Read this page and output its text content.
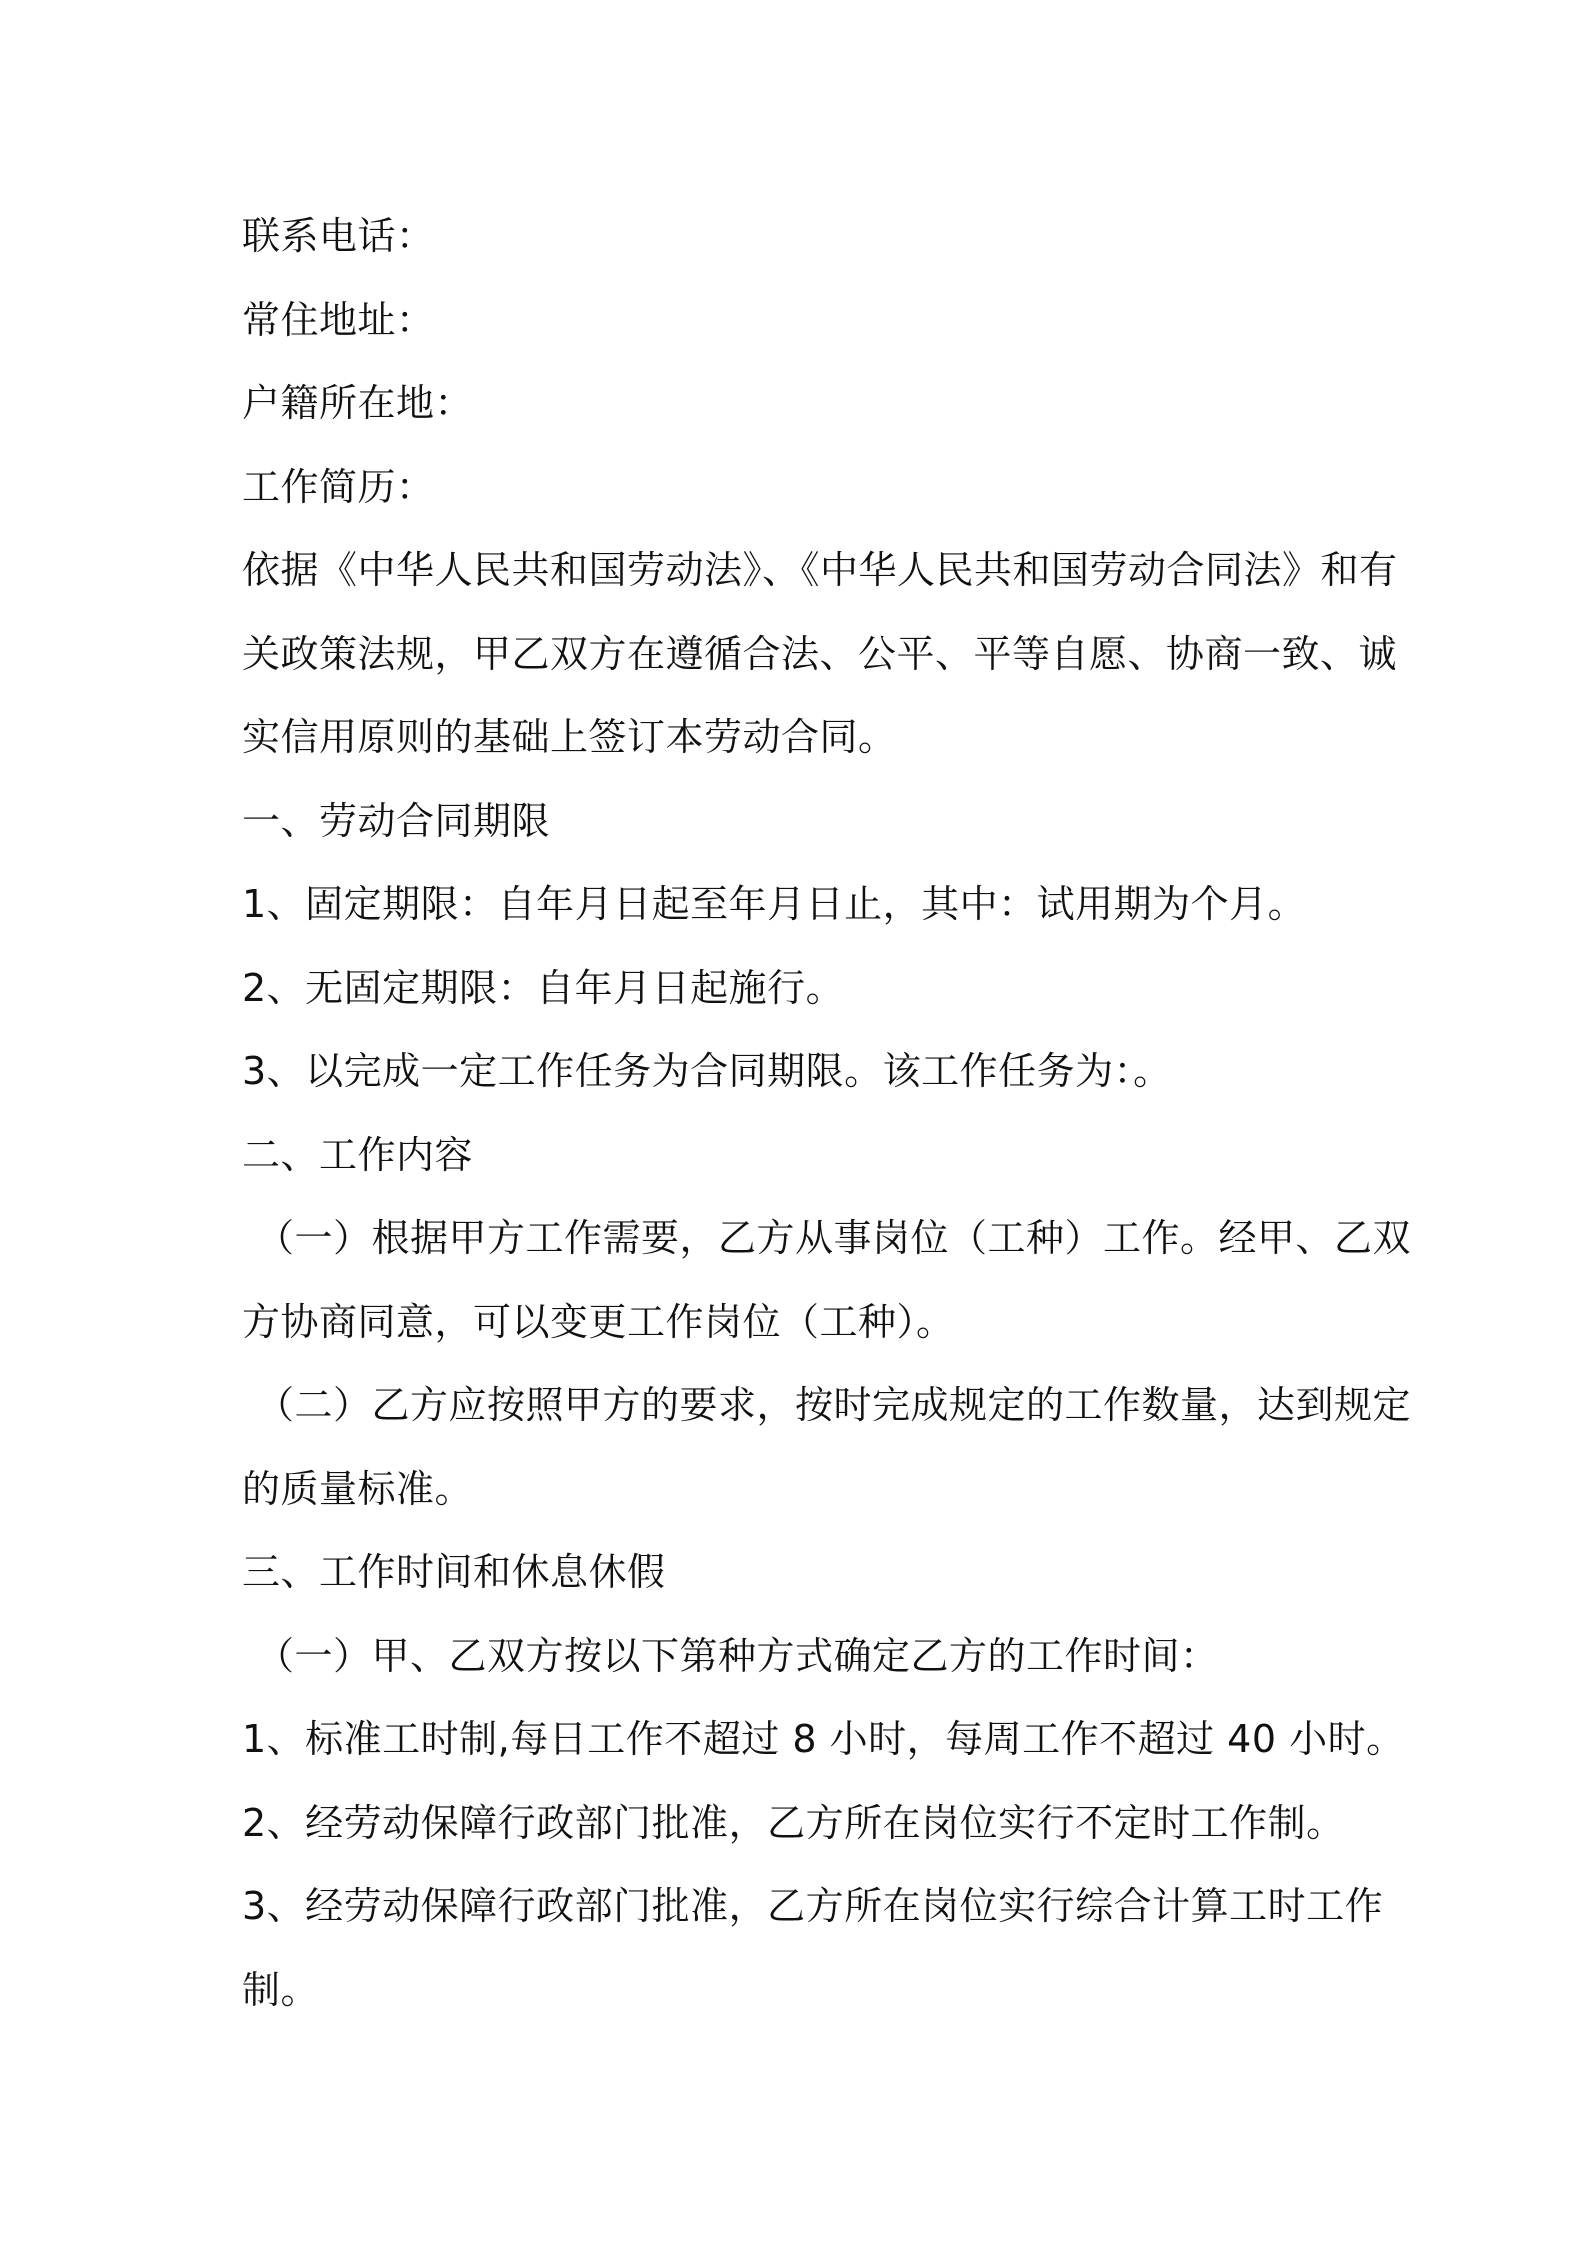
联系电话：
常住地址：
户籍所在地：
工作简历：
依据《中华人民共和国劳动法》、《中华人民共和国劳动合同法》和有
关政策法规，甲乙双方在遵循合法、公平、平等自愿、协商一致、诚
实信用原则的基础上签订本劳动合同。
一、劳动合同期限
1、固定期限：自年月日起至年月日止，其中：试用期为个月。
2、无固定期限：自年月日起施行。
3、以完成一定工作任务为合同期限。该工作任务为：。
二、工作内容
（一）根据甲方工作需要，乙方从事岗位（工种）工作。经甲、乙双
方协商同意，可以变更工作岗位（工种）。
（二）乙方应按照甲方的要求，按时完成规定的工作数量，达到规定
的质量标准。
三、工作时间和休息休假
（一）甲、乙双方按以下第种方式确定乙方的工作时间：
1、标准工时制,每日工作不超过 8 小时，每周工作不超过 40 小时。
2、经劳动保障行政部门批准，乙方所在岗位实行不定时工作制。
3、经劳动保障行政部门批准，乙方所在岗位实行综合计算工时工作
制。
